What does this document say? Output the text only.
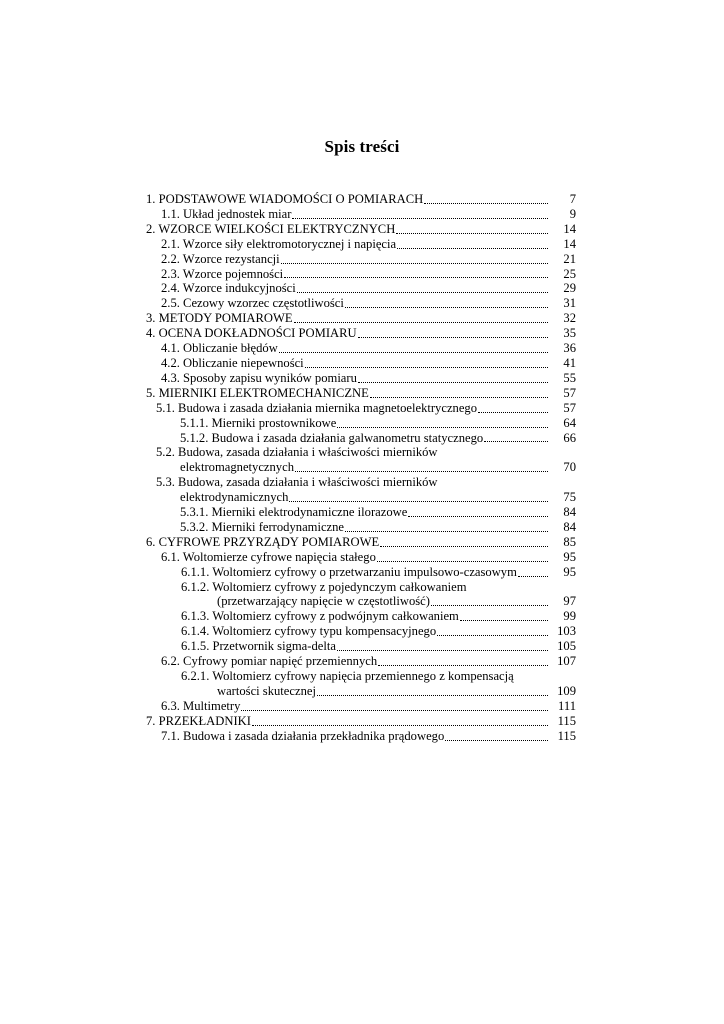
Spis treści
1. PODSTAWOWE WIADOMOŚCI O POMIARACH	7
1.1. Układ jednostek miar	9
2. WZORCE WIELKOŚCI ELEKTRYCZNYCH	14
2.1. Wzorce siły elektromotorycznej i napięcia	14
2.2. Wzorce rezystancji	21
2.3. Wzorce pojemności	25
2.4. Wzorce indukcyjności	29
2.5. Cezowy wzorzec częstotliwości	31
3. METODY POMIAROWE	32
4. OCENA DOKŁADNOŚCI POMIARU	35
4.1. Obliczanie błędów	36
4.2. Obliczanie niepewności	41
4.3. Sposoby zapisu wyników pomiaru	55
5. MIERNIKI ELEKTROMECHANICZNE	57
5.1. Budowa i zasada działania miernika magnetoelektrycznego	57
5.1.1. Mierniki prostownikowe	64
5.1.2. Budowa i zasada działania galwanometru statycznego	66
5.2. Budowa, zasada działania i właściwości mierników
elektromagnetycznych	70
5.3. Budowa, zasada działania i właściwości mierników
elektrodynamicznych	75
5.3.1. Mierniki elektrodynamiczne ilorazowe	84
5.3.2. Mierniki ferrodynamiczne	84
6. CYFROWE PRZYRZĄDY POMIAROWE	85
6.1. Woltomierze cyfrowe napięcia stałego	95
6.1.1. Woltomierz cyfrowy o przetwarzaniu impulsowo-czasowym	95
6.1.2. Woltomierz cyfrowy z pojedynczym całkowaniem
(przetwarzający napięcie w częstotliwość)	97
6.1.3. Woltomierz cyfrowy z podwójnym całkowaniem	99
6.1.4. Woltomierz cyfrowy typu kompensacyjnego	103
6.1.5. Przetwornik sigma-delta	105
6.2. Cyfrowy pomiar napięć przemiennych	107
6.2.1. Woltomierz cyfrowy napięcia przemiennego z kompensacją
wartości skutecznej	109
6.3. Multimetry	111
7. PRZEKŁADNIKI	115
7.1. Budowa i zasada działania przekładnika prądowego	115
